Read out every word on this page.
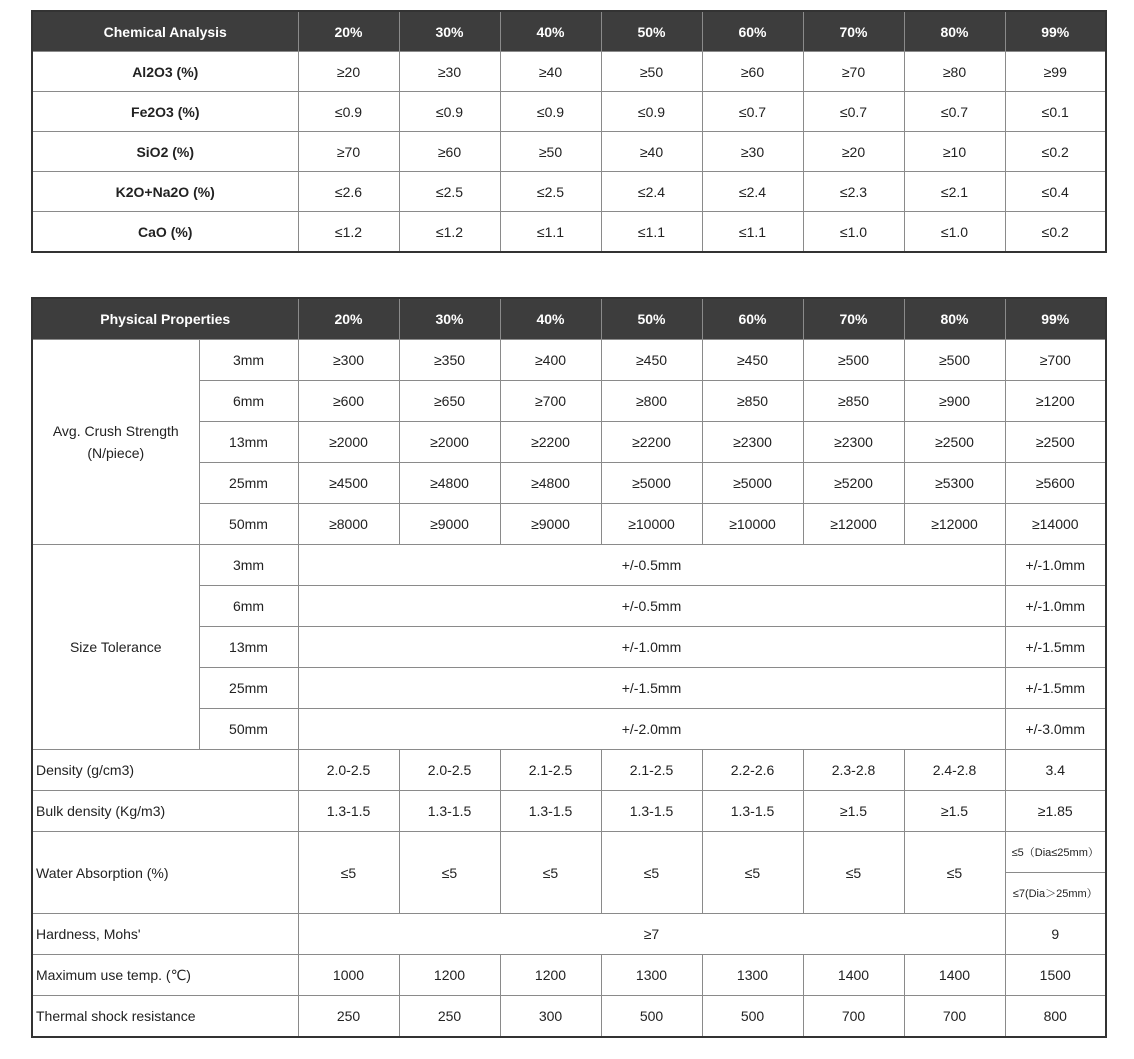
Chemical Analysis	20%	30%	40%	50%	60%	70%	80%	99%
Al2O3 (%)	≥20	≥30	≥40	≥50	≥60	≥70	≥80	≥99
Fe2O3 (%)	≤0.9	≤0.9	≤0.9	≤0.9	≤0.7	≤0.7	≤0.7	≤0.1
SiO2 (%)	≥70	≥60	≥50	≥40	≥30	≥20	≥10	≤0.2
K2O+Na2O (%)	≤2.6	≤2.5	≤2.5	≤2.4	≤2.4	≤2.3	≤2.1	≤0.4
CaO (%)	≤1.2	≤1.2	≤1.1	≤1.1	≤1.1	≤1.0	≤1.0	≤0.2
Physical Properties		20%	30%	40%	50%	60%	70%	80%	99%
Avg. Crush Strength
(N/piece)	3mm	≥300	≥350	≥400	≥450	≥450	≥500	≥500	≥700
	6mm	≥600	≥650	≥700	≥800	≥850	≥850	≥900	≥1200
	13mm	≥2000	≥2000	≥2200	≥2200	≥2300	≥2300	≥2500	≥2500
	25mm	≥4500	≥4800	≥4800	≥5000	≥5000	≥5200	≥5300	≥5600
	50mm	≥8000	≥9000	≥9000	≥10000	≥10000	≥12000	≥12000	≥14000
Size Tolerance	3mm	+/-0.5mm							+/-1.0mm
	6mm	+/-0.5mm							+/-1.0mm
	13mm	+/-1.0mm							+/-1.5mm
	25mm	+/-1.5mm							+/-1.5mm
	50mm	+/-2.0mm							+/-3.0mm
Density (g/cm3)		2.0-2.5	2.0-2.5	2.1-2.5	2.1-2.5	2.2-2.6	2.3-2.8	2.4-2.8	3.4
Bulk density (Kg/m3)		1.3-1.5	1.3-1.5	1.3-1.5	1.3-1.5	1.3-1.5	≥1.5	≥1.5	≥1.85
Water Absorption (%)		≤5	≤5	≤5	≤5	≤5	≤5	≤5	≤5（Dia≤25mm）
									≤7(Dia＞25mm）
Hardness, Mohs'		≥7							9
Maximum use temp. (℃)		1000	1200	1200	1300	1300	1400	1400	1500
Thermal shock resistance		250	250	300	500	500	700	700	800
